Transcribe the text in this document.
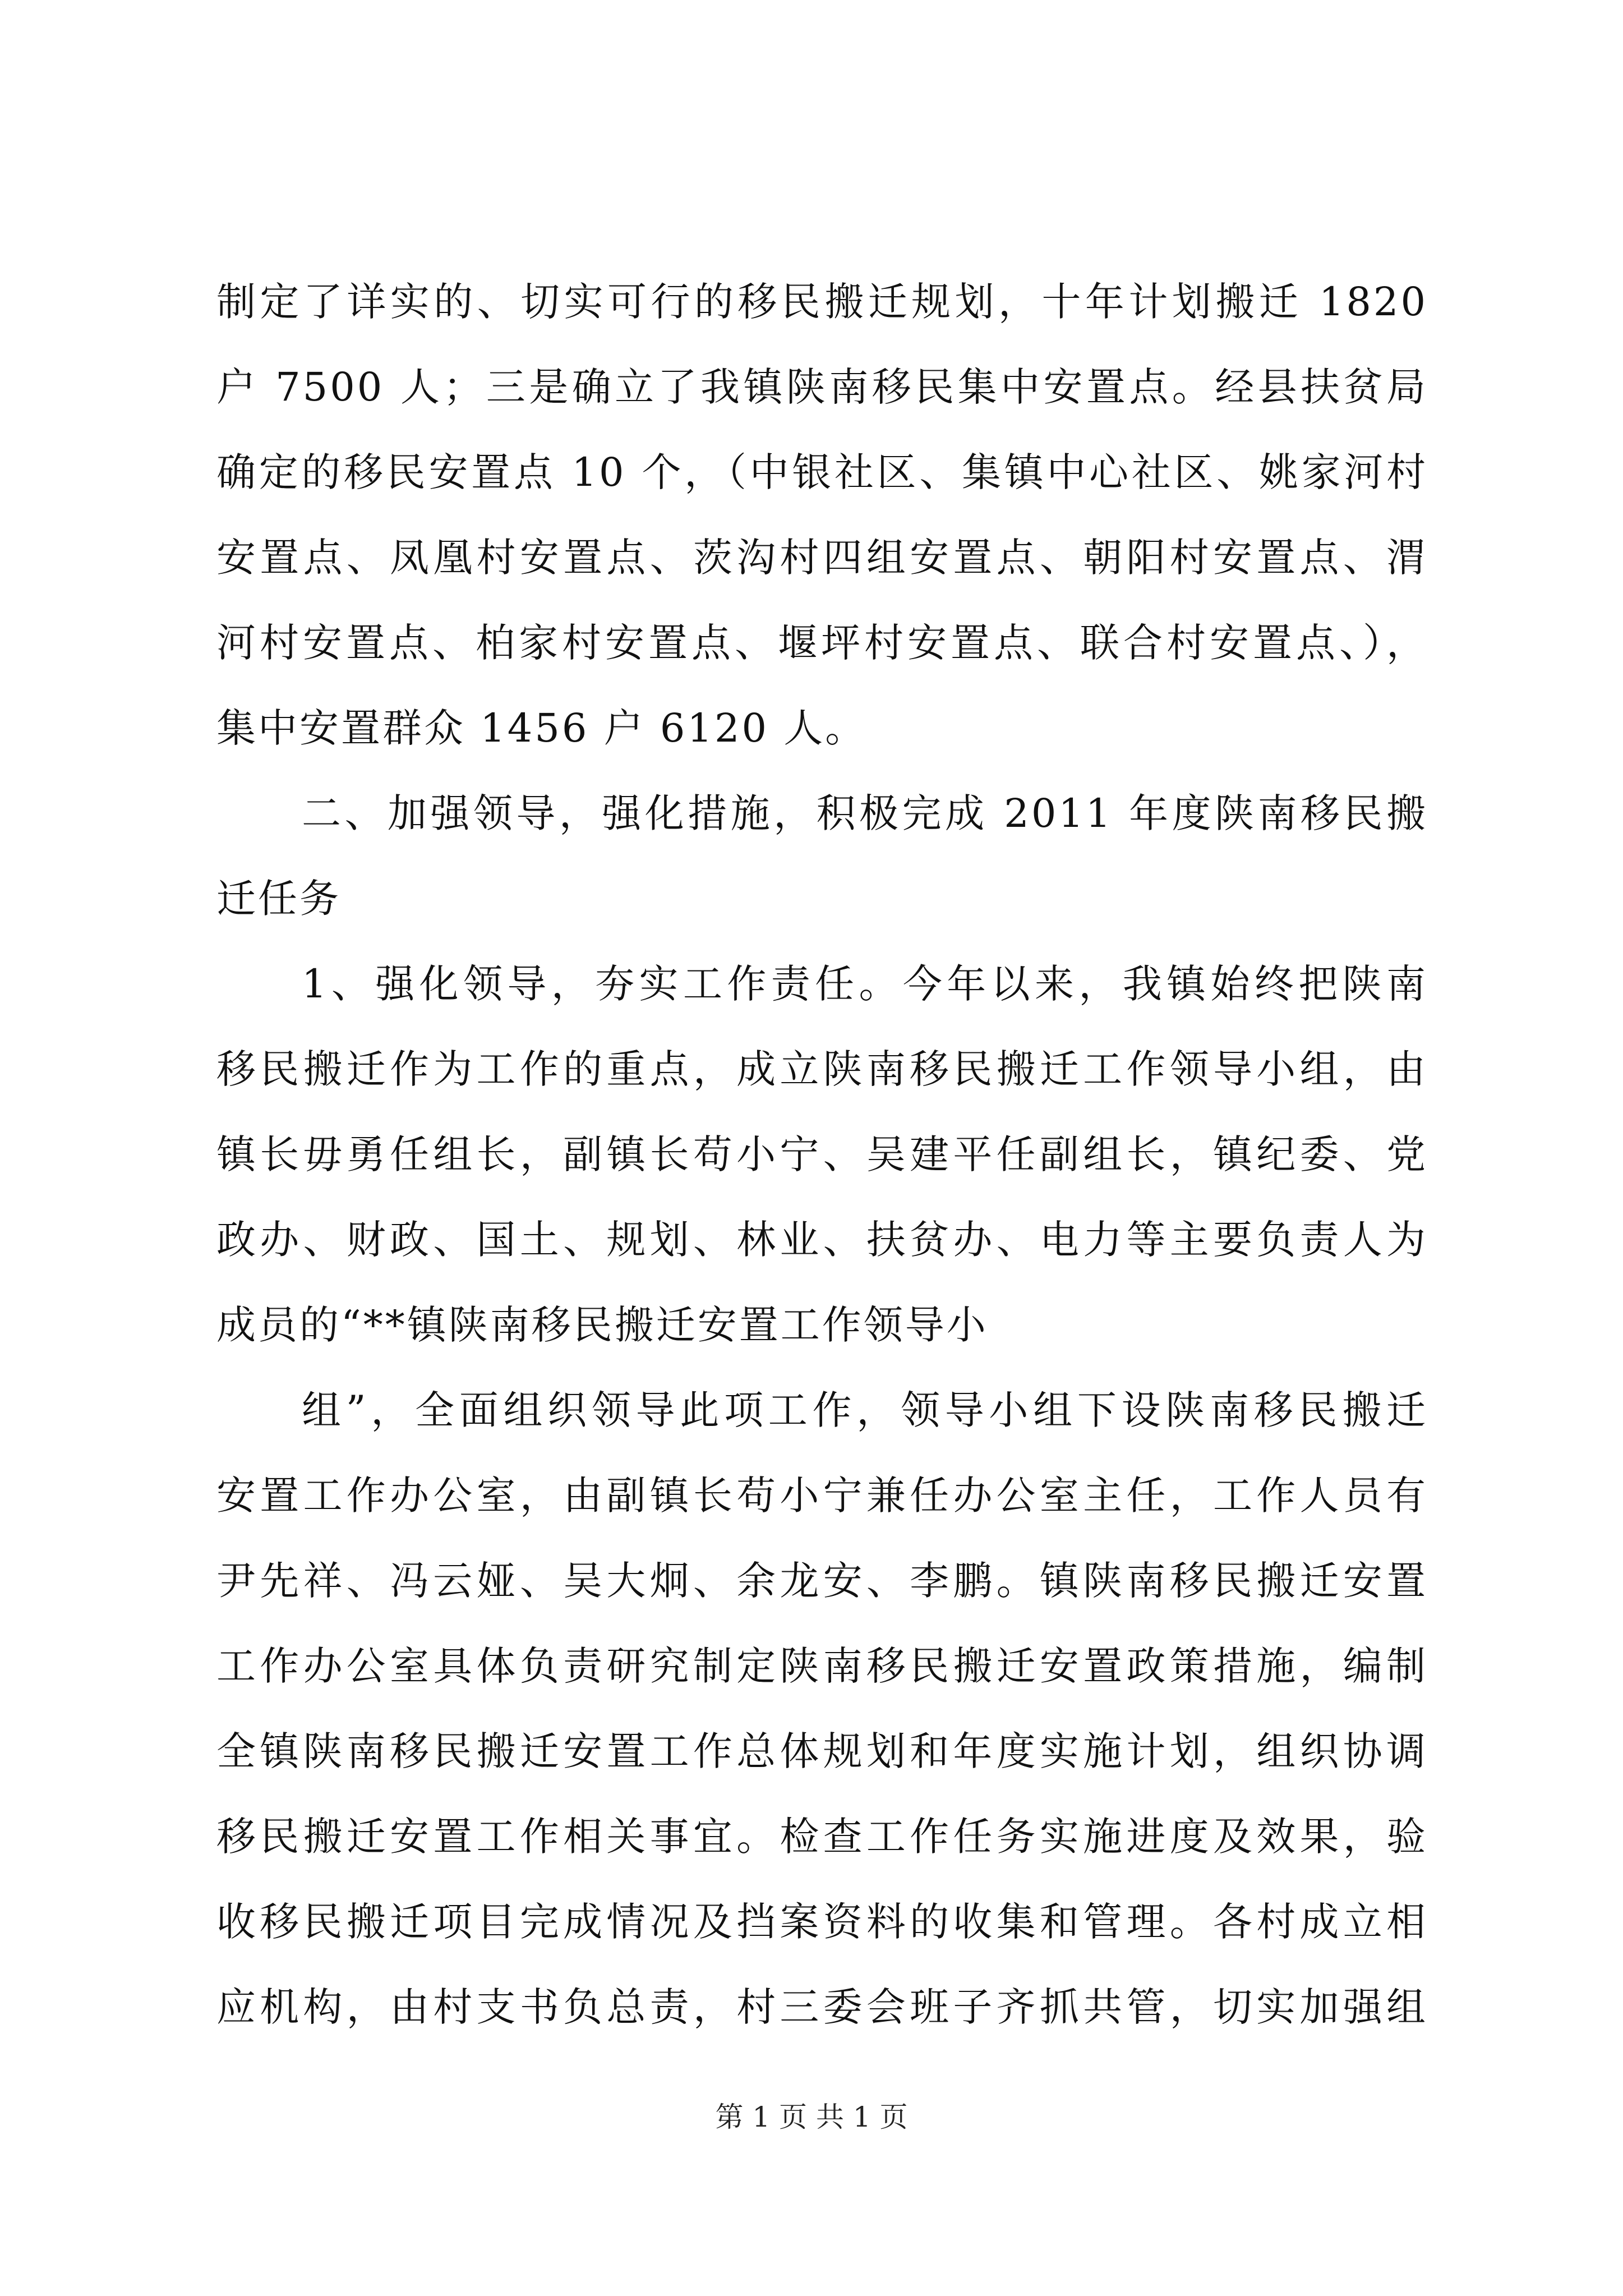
制定了详实的、切实可行的移民搬迁规划，十年计划搬迁 1820
户 7500 人；三是确立了我镇陕南移民集中安置点。经县扶贫局
确定的移民安置点 10 个，（中银社区、集镇中心社区、姚家河村
安置点、凤凰村安置点、茨沟村四组安置点、朝阳村安置点、渭
河村安置点、柏家村安置点、堰坪村安置点、联合村安置点、），
集中安置群众 1456 户 6120 人。
二、加强领导，强化措施，积极完成 2011 年度陕南移民搬
迁任务
1、强化领导，夯实工作责任。今年以来，我镇始终把陕南
移民搬迁作为工作的重点，成立陕南移民搬迁工作领导小组，由
镇长毋勇任组长，副镇长苟小宁、吴建平任副组长，镇纪委、党
政办、财政、国土、规划、林业、扶贫办、电力等主要负责人为
成员的“**镇陕南移民搬迁安置工作领导小
组”，全面组织领导此项工作，领导小组下设陕南移民搬迁
安置工作办公室，由副镇长苟小宁兼任办公室主任，工作人员有
尹先祥、冯云娅、吴大炯、余龙安、李鹏。镇陕南移民搬迁安置
工作办公室具体负责研究制定陕南移民搬迁安置政策措施，编制
全镇陕南移民搬迁安置工作总体规划和年度实施计划，组织协调
移民搬迁安置工作相关事宜。检查工作任务实施进度及效果，验
收移民搬迁项目完成情况及挡案资料的收集和管理。各村成立相
应机构，由村支书负总责，村三委会班子齐抓共管，切实加强组
第 1 页 共 1 页
